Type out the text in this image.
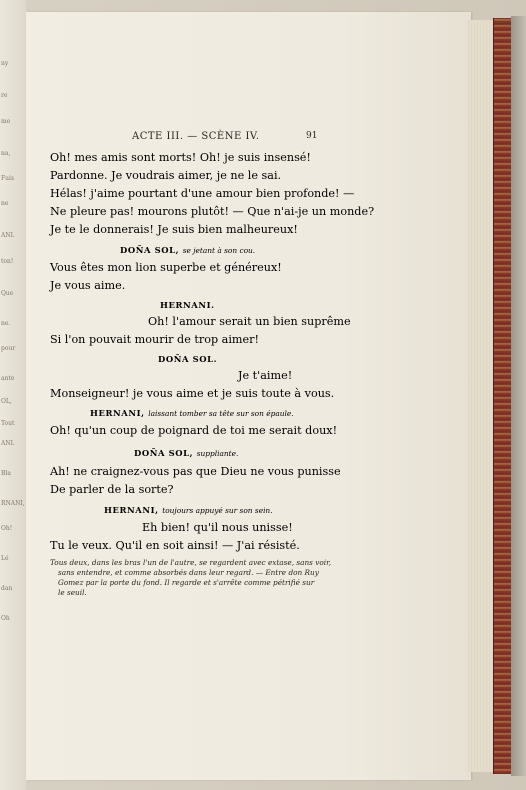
ny
re
me
na,
Fuis
ne
ANI.
ton!
Que
ne.
pour
ante
OL,
Tout
ANI.
Bla
RNANI,
Oh!
Lé
dan
Oh
ACTE III. — SCÈNE IV.	91
Oh! mes amis sont morts! Oh! je suis insensé!
Pardonne. Je voudrais aimer, je ne le sai.
Hélas! j'aime pourtant d'une amour bien profonde! —
Ne pleure pas! mourons plutôt! — Que n'ai-je un monde?
Je te le donnerais! Je suis bien malheureux!
DOÑA SOL, se jetant à son cou.
Vous êtes mon lion superbe et généreux!
Je vous aime.
HERNANI.
Oh! l'amour serait un bien suprême
Si l'on pouvait mourir de trop aimer!
DOÑA SOL.
Je t'aime!
Monseigneur! je vous aime et je suis toute à vous.
HERNANI, laissant tomber sa tête sur son épaule.
Oh! qu'un coup de poignard de toi me serait doux!
DOÑA SOL, suppliante.
Ah! ne craignez-vous pas que Dieu ne vous punisse
De parler de la sorte?
HERNANI, toujours appuyé sur son sein.
Eh bien! qu'il nous unisse!
Tu le veux. Qu'il en soit ainsi! — J'ai résisté.
Tous deux, dans les bras l'un de l'autre, se regardent avec extase, sans voir,
sans entendre, et comme absorbés dans leur regard. — Entre don Ruy
Gomez par la porte du fond. Il regarde et s'arrête comme pétrifié sur
le seuil.
